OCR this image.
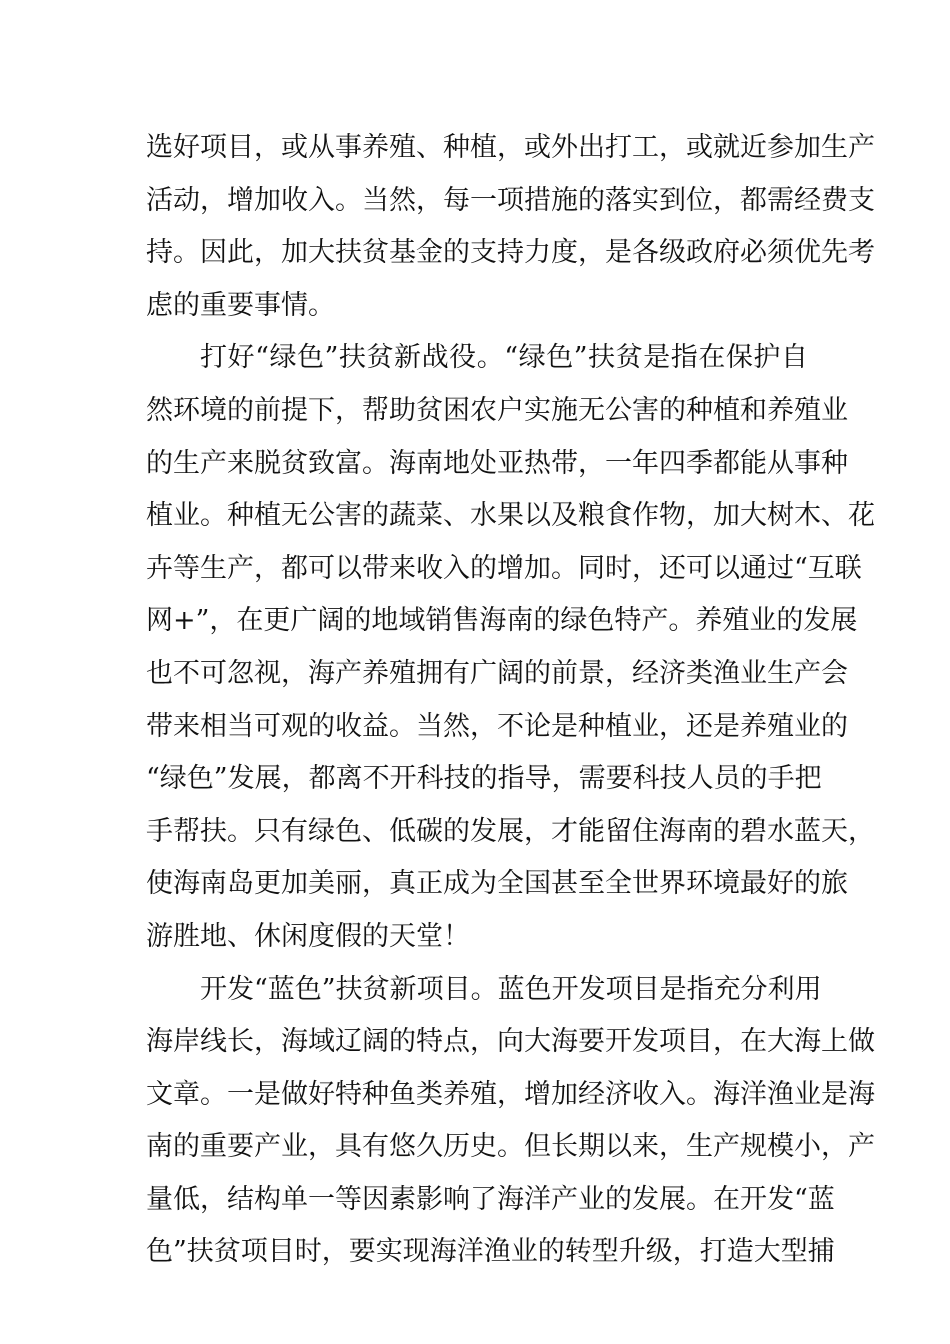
选好项目，或从事养殖、种植，或外出打工，或就近参加生产
活动，增加收入。当然，每一项措施的落实到位，都需经费支
持。因此，加大扶贫基金的支持力度，是各级政府必须优先考
虑的重要事情。
打好“绿色”扶贫新战役。“绿色”扶贫是指在保护自
然环境的前提下，帮助贫困农户实施无公害的种植和养殖业
的生产来脱贫致富。海南地处亚热带，一年四季都能从事种
植业。种植无公害的蔬菜、水果以及粮食作物，加大树木、花
卉等生产，都可以带来收入的增加。同时，还可以通过“互联
网+”，在更广阔的地域销售海南的绿色特产。养殖业的发展
也不可忽视，海产养殖拥有广阔的前景，经济类渔业生产会
带来相当可观的收益。当然，不论是种植业，还是养殖业的
“绿色”发展，都离不开科技的指导，需要科技人员的手把
手帮扶。只有绿色、低碳的发展，才能留住海南的碧水蓝天，
使海南岛更加美丽，真正成为全国甚至全世界环境最好的旅
游胜地、休闲度假的天堂！
开发“蓝色”扶贫新项目。蓝色开发项目是指充分利用
海岸线长，海域辽阔的特点，向大海要开发项目，在大海上做
文章。一是做好特种鱼类养殖，增加经济收入。海洋渔业是海
南的重要产业，具有悠久历史。但长期以来，生产规模小，产
量低，结构单一等因素影响了海洋产业的发展。在开发“蓝
色”扶贫项目时，要实现海洋渔业的转型升级，打造大型捕
